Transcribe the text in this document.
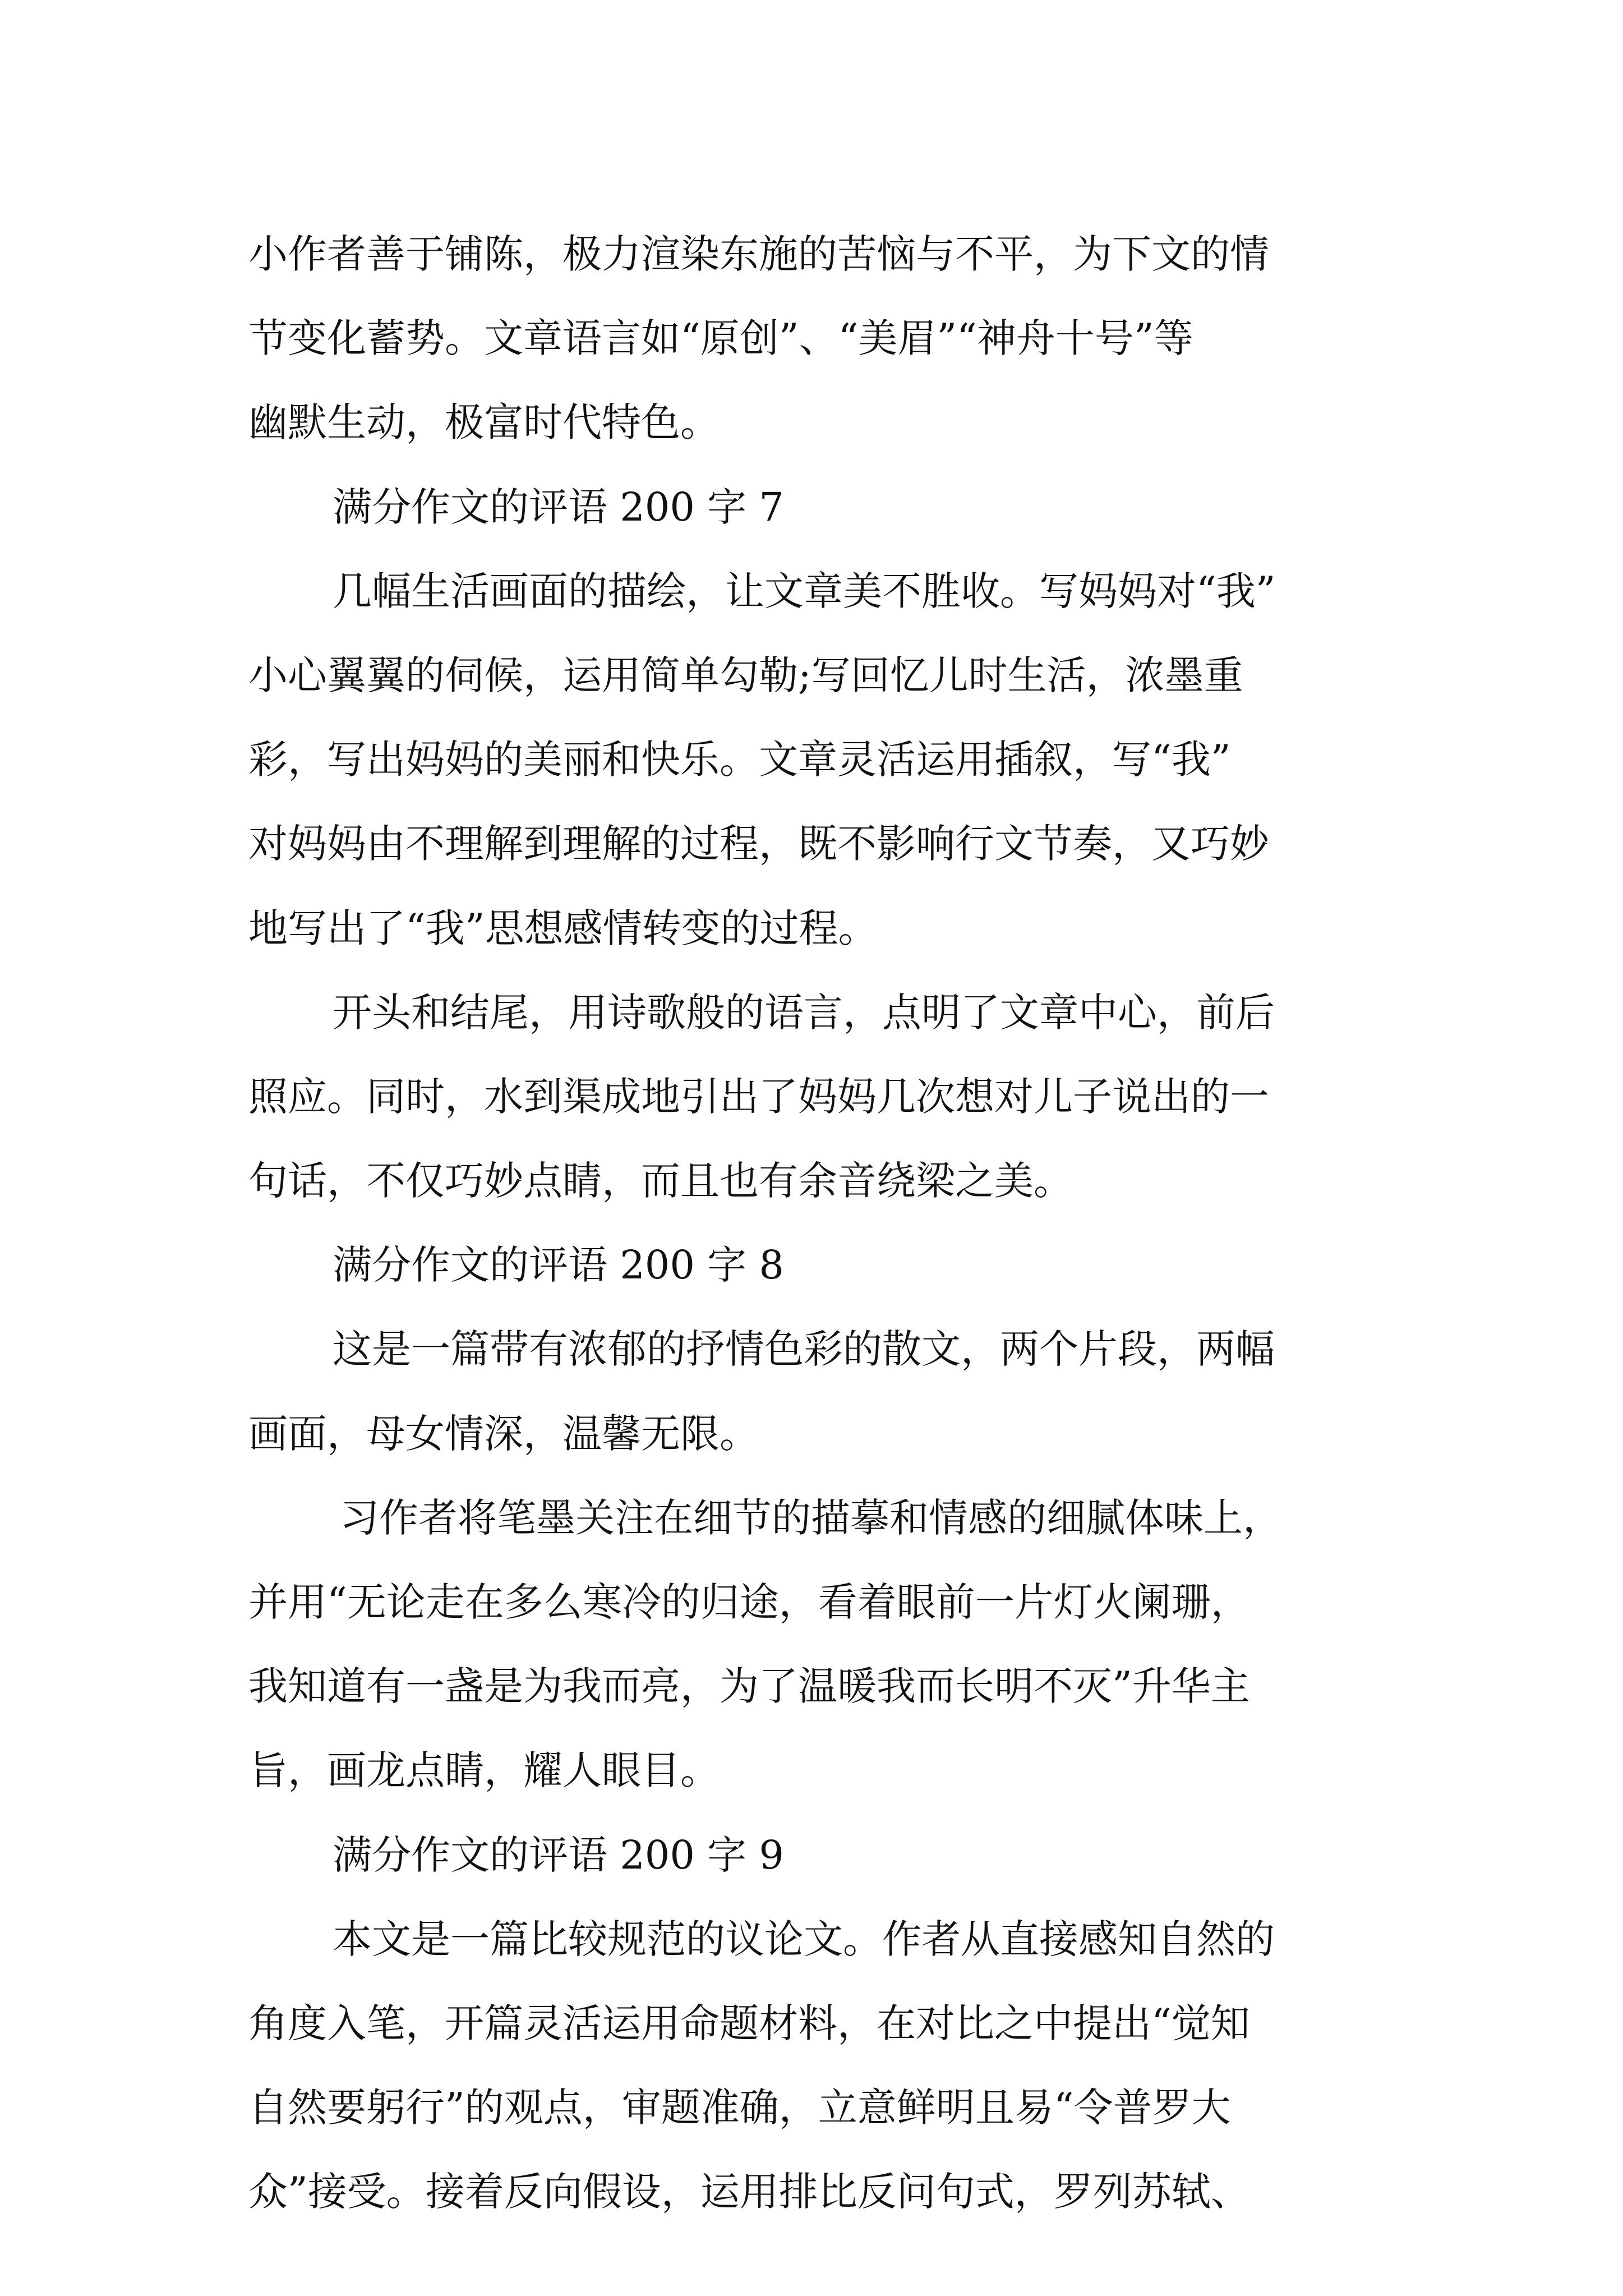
小作者善于铺陈，极力渲染东施的苦恼与不平，为下文的情
节变化蓄势。文章语言如“原创”、“美眉”“神舟十号”等
幽默生动，极富时代特色。
满分作文的评语 200 字 7
几幅生活画面的描绘，让文章美不胜收。写妈妈对“我”
小心翼翼的伺候，运用简单勾勒;写回忆儿时生活，浓墨重
彩，写出妈妈的美丽和快乐。文章灵活运用插叙，写“我”
对妈妈由不理解到理解的过程，既不影响行文节奏，又巧妙
地写出了“我”思想感情转变的过程。
开头和结尾，用诗歌般的语言，点明了文章中心，前后
照应。同时，水到渠成地引出了妈妈几次想对儿子说出的一
句话，不仅巧妙点睛，而且也有余音绕梁之美。
满分作文的评语 200 字 8
这是一篇带有浓郁的抒情色彩的散文，两个片段，两幅
画面，母女情深，温馨无限。
习作者将笔墨关注在细节的描摹和情感的细腻体味上，
并用“无论走在多么寒冷的归途，看着眼前一片灯火阑珊，
我知道有一盏是为我而亮，为了温暖我而长明不灭”升华主
旨，画龙点睛，耀人眼目。
满分作文的评语 200 字 9
本文是一篇比较规范的议论文。作者从直接感知自然的
角度入笔，开篇灵活运用命题材料，在对比之中提出“觉知
自然要躬行”的观点，审题准确，立意鲜明且易“令普罗大
众”接受。接着反向假设，运用排比反问句式，罗列苏轼、
